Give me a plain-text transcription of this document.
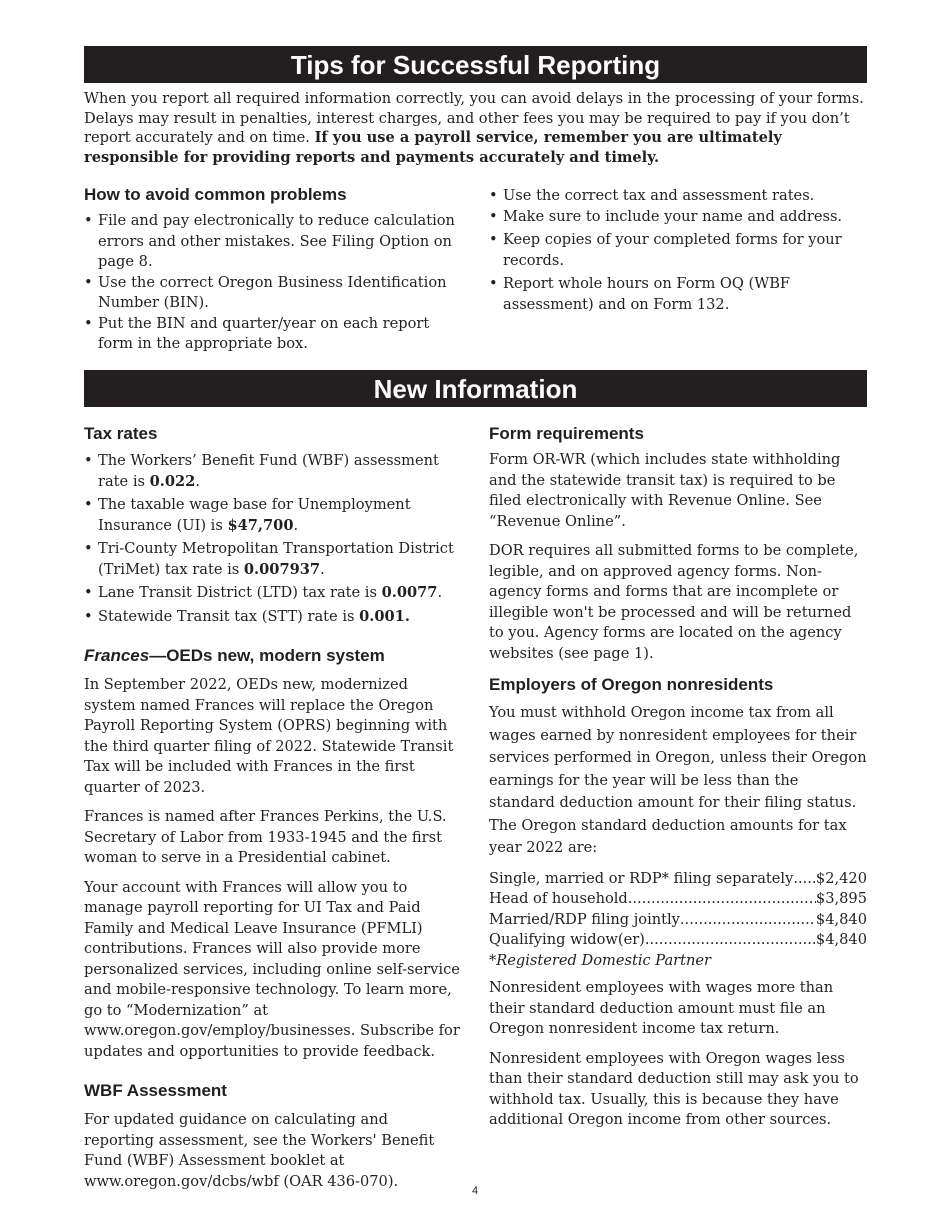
Tips for Successful Reporting
When you report all required information correctly, you can avoid delays in the processing of your forms. Delays may result in penalties, interest charges, and other fees you may be required to pay if you don’t report accurately and on time. If you use a payroll service, remember you are ultimately responsible for providing reports and payments accurately and timely.
How to avoid common problems
• File and pay electronically to reduce calculation errors and other mistakes. See Filing Option on page 8.
• Use the correct Oregon Business Identification Number (BIN).
• Put the BIN and quarter/year on each report form in the appropriate box.
• Use the correct tax and assessment rates.
• Make sure to include your name and address.
• Keep copies of your completed forms for your records.
• Report whole hours on Form OQ (WBF assessment) and on Form 132.
New Information
Tax rates
• The Workers’ Benefit Fund (WBF) assessment rate is 0.022.
• The taxable wage base for Unemployment Insurance (UI) is $47,700.
• Tri-County Metropolitan Transportation District (TriMet) tax rate is 0.007937.
• Lane Transit District (LTD) tax rate is 0.0077.
• Statewide Transit tax (STT) rate is 0.001.
Frances—OEDs new, modern system

In September 2022, OEDs new, modernized system named Frances will replace the Oregon Payroll Reporting System (OPRS) beginning with the third quarter filing of 2022. Statewide Transit Tax will be included with Frances in the first quarter of 2023.

Frances is named after Frances Perkins, the U.S. Secretary of Labor from 1933-1945 and the first woman to serve in a Presidential cabinet.

Your account with Frances will allow you to manage payroll reporting for UI Tax and Paid Family and Medical Leave Insurance (PFMLI) contributions. Frances will also provide more personalized services, including online self-service and mobile-responsive technology. To learn more, go to “Modernization” at www.oregon.gov/employ/businesses. Subscribe for updates and opportunities to provide feedback.

WBF Assessment

For updated guidance on calculating and reporting assessment, see the Workers' Benefit Fund (WBF) Assessment booklet at www.oregon.gov/dcbs/wbf (OAR 436-070).

Form requirements

Form OR-WR (which includes state withholding and the statewide transit tax) is required to be filed electronically with Revenue Online. See “Revenue Online”.

DOR requires all submitted forms to be complete, legible, and on approved agency forms. Non-agency forms and forms that are incomplete or illegible won't be processed and will be returned to you. Agency forms are located on the agency websites (see page 1).

Employers of Oregon nonresidents

You must withhold Oregon income tax from all wages earned by nonresident employees for their services performed in Oregon, unless their Oregon earnings for the year will be less than the standard deduction amount for their filing status. The Oregon standard deduction amounts for tax year 2022 are:

Single, married or RDP* filing separately ..... $2,420
Head of household .....	$3,895
Married/RDP filing jointly .....	$4,840
Qualifying widow(er) .....	$4,840
*Registered Domestic Partner

Nonresident employees with wages more than their standard deduction amount must file an Oregon nonresident income tax return.

Nonresident employees with Oregon wages less than their standard deduction still may ask you to withhold tax. Usually, this is because they have additional Oregon income from other sources.

4
